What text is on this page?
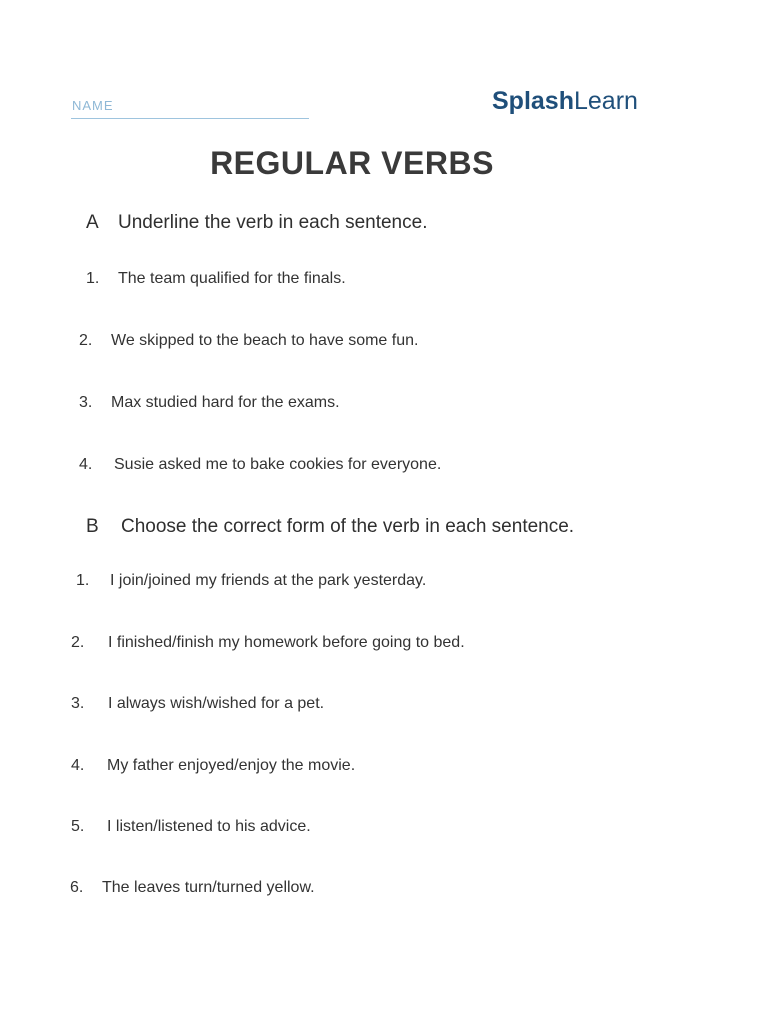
NAME	SplashLearn
REGULAR VERBS
A Underline the verb in each sentence.
1. The team qualified for the finals.
2. We skipped to the beach to have some fun.
3. Max studied hard for the exams.
4. Susie asked me to bake cookies for everyone.
B Choose the correct form of the verb in each sentence.
1. I join/joined my friends at the park yesterday.
2. I finished/finish my homework before going to bed.
3. I always wish/wished for a pet.
4. My father enjoyed/enjoy the movie.
5. I listen/listened to his advice.
6. The leaves turn/turned yellow.
